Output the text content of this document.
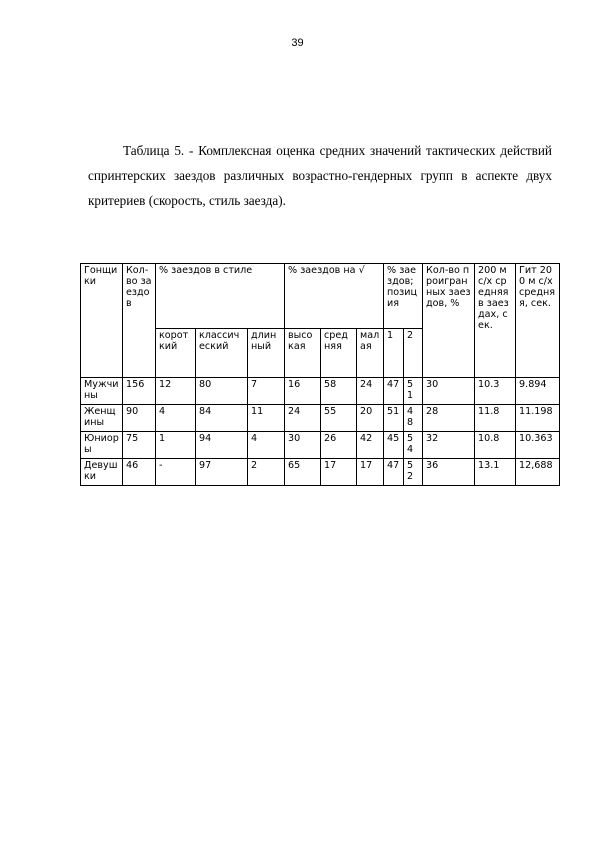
39
Таблица 5. - Комплексная оценка средних значений тактических действий спринтерских заездов различных возрастно-гендерных групп в аспекте двух критериев (скорость, стиль заезда).
Гонщики	Кол-во заездов	% заездов в стиле			% заездов на √			% заездов; позиция		Кол-во проигранных заездов, %	200 м с/х средняя в заездах, сек.	Гит 200 м с/х средняя, сек.
		короткий	классический	длинный	высокая	средняя	малая	1	2			
Мужчины	156	12	80	7	16	58	24	47	51	30	10.3	9.894
Женщины	90	4	84	11	24	55	20	51	48	28	11.8	11.198
Юниоры	75	1	94	4	30	26	42	45	54	32	10.8	10.363
Девушки	46	-	97	2	65	17	17	47	52	36	13.1	12,688
